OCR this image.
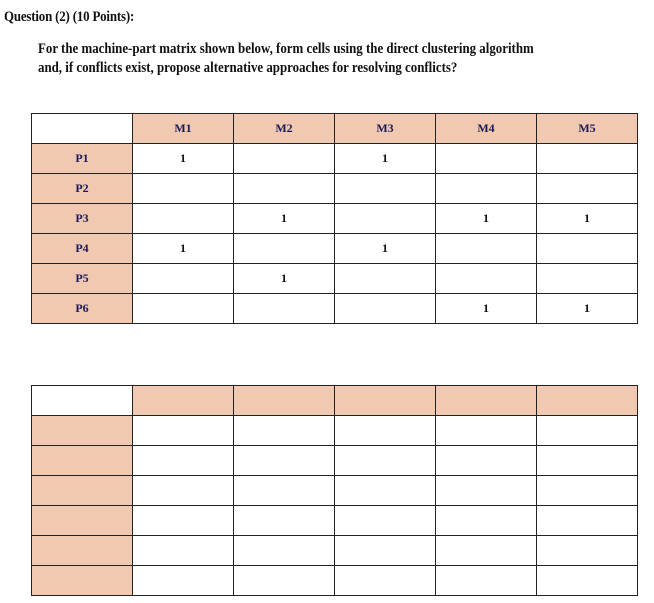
Question (2) (10 Points):
For the machine-part matrix shown below, form cells using the direct clustering algorithm
and, if conflicts exist, propose alternative approaches for resolving conflicts?
	M1	M2	M3	M4	M5
P1	1		1		
P2					
P3		1		1	1
P4	1		1		
P5		1			
P6				1	1
